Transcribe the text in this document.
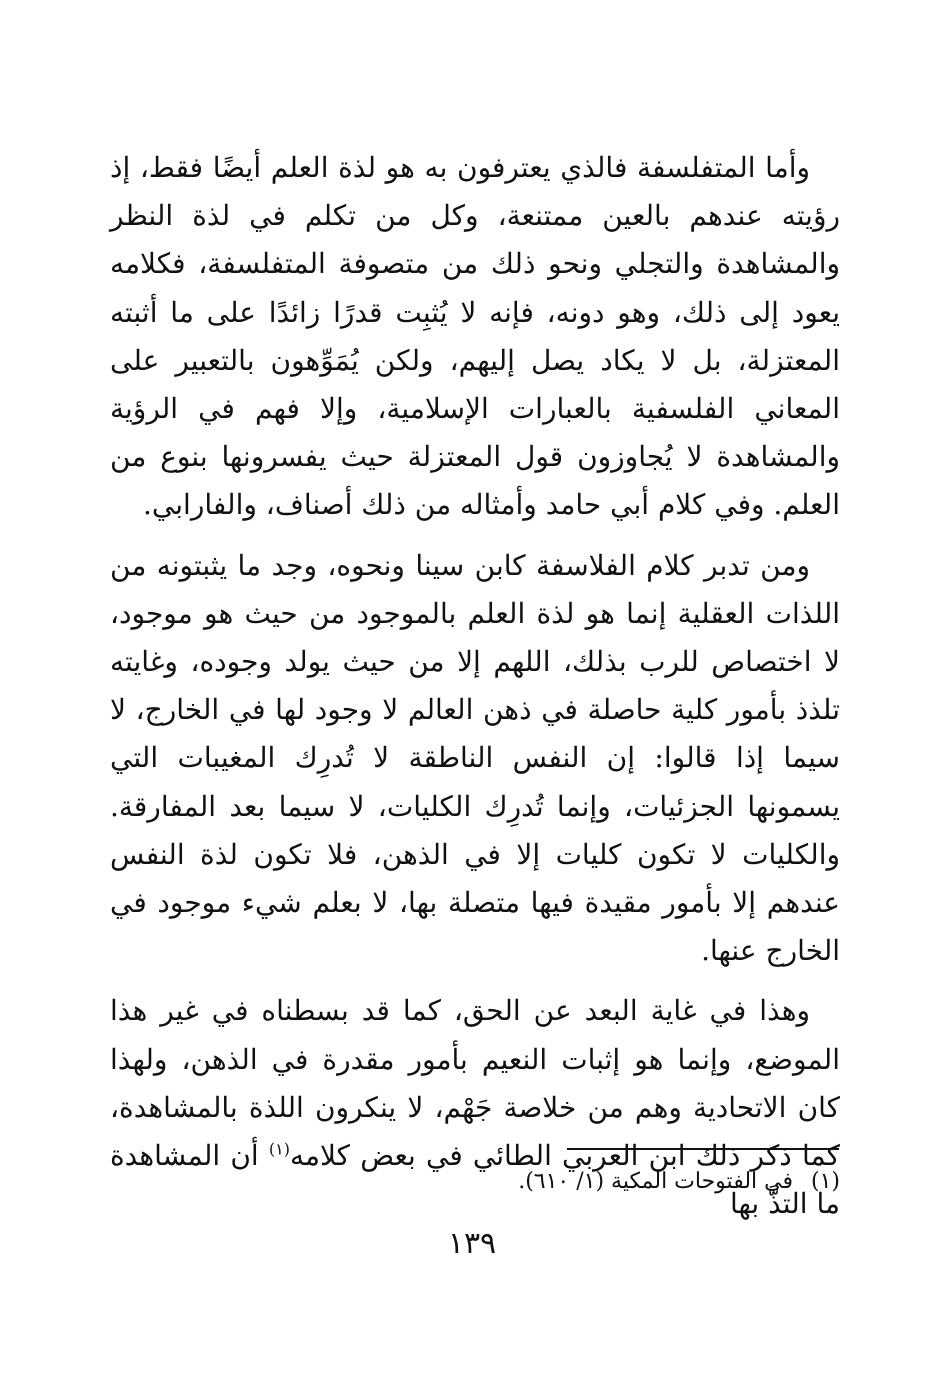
وأما المتفلسفة فالذي يعترفون به هو لذة العلم أيضًا فقط، إذ رؤيته عندهم بالعين ممتنعة، وكل من تكلم في لذة النظر والمشاهدة والتجلي ونحو ذلك من متصوفة المتفلسفة، فكلامه يعود إلى ذلك، وهو دونه، فإنه لا يُثبِت قدرًا زائدًا على ما أثبته المعتزلة، بل لا يكاد يصل إليهم، ولكن يُمَوِّهون بالتعبير على المعاني الفلسفية بالعبارات الإسلامية، وإلا فهم في الرؤية والمشاهدة لا يُجاوزون قول المعتزلة حيث يفسرونها بنوع من العلم. وفي كلام أبي حامد وأمثاله من ذلك أصناف، والفارابي.

ومن تدبر كلام الفلاسفة كابن سينا ونحوه، وجد ما يثبتونه من اللذات العقلية إنما هو لذة العلم بالموجود من حيث هو موجود، لا اختصاص للرب بذلك، اللهم إلا من حيث يولد وجوده، وغايته تلذذ بأمور كلية حاصلة في ذهن العالم لا وجود لها في الخارج، لا سيما إذا قالوا: إن النفس الناطقة لا تُدرِك المغيبات التي يسمونها الجزئيات، وإنما تُدرِك الكليات، لا سيما بعد المفارقة. والكليات لا تكون كليات إلا في الذهن، فلا تكون لذة النفس عندهم إلا بأمور مقيدة فيها متصلة بها، لا بعلم شيء موجود في الخارج عنها.

وهذا في غاية البعد عن الحق، كما قد بسطناه في غير هذا الموضع، وإنما هو إثبات النعيم بأمور مقدرة في الذهن، ولهذا كان الاتحادية وهم من خلاصة جَهْم، لا ينكرون اللذة بالمشاهدة، كما ذكر ذلك ابن العربي الطائي في بعض كلامه$^{(١)}$ أن المشاهدة ما التذَّ بها

(١)في الفتوحات المكية (١/ ٦١٠).
١٣٩
